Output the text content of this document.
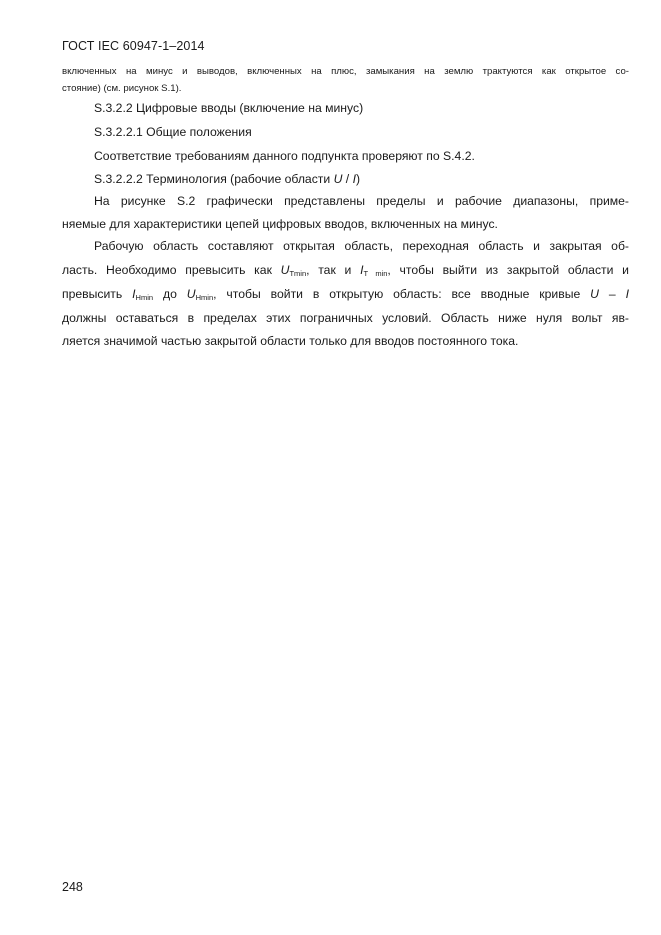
ГОСТ IEC 60947-1–2014
включенных на минус и выводов, включенных на плюс, замыкания на землю трактуются как открытое со-
стояние) (см. рисунок S.1).
S.3.2.2 Цифровые вводы (включение на минус)
S.3.2.2.1 Общие положения
Соответствие требованиям данного подпункта проверяют по S.4.2.
S.3.2.2.2 Терминология (рабочие области U / I)
На рисунке S.2 графически представлены пределы и рабочие диапазоны, приме-
няемые для характеристики цепей цифровых вводов, включенных на минус.
Рабочую область составляют открытая область, переходная область и закрытая об-
ласть. Необходимо превысить как $U_{Tmin}$, так и $I_{T min}$, чтобы выйти из закрытой области и
превысить $I_{Hmin}$ до $U_{Hmin}$, чтобы войти в открытую область: все вводные кривые U – I
должны оставаться в пределах этих пограничных условий. Область ниже нуля вольт яв-
ляется значимой частью закрытой области только для вводов постоянного тока.
248
